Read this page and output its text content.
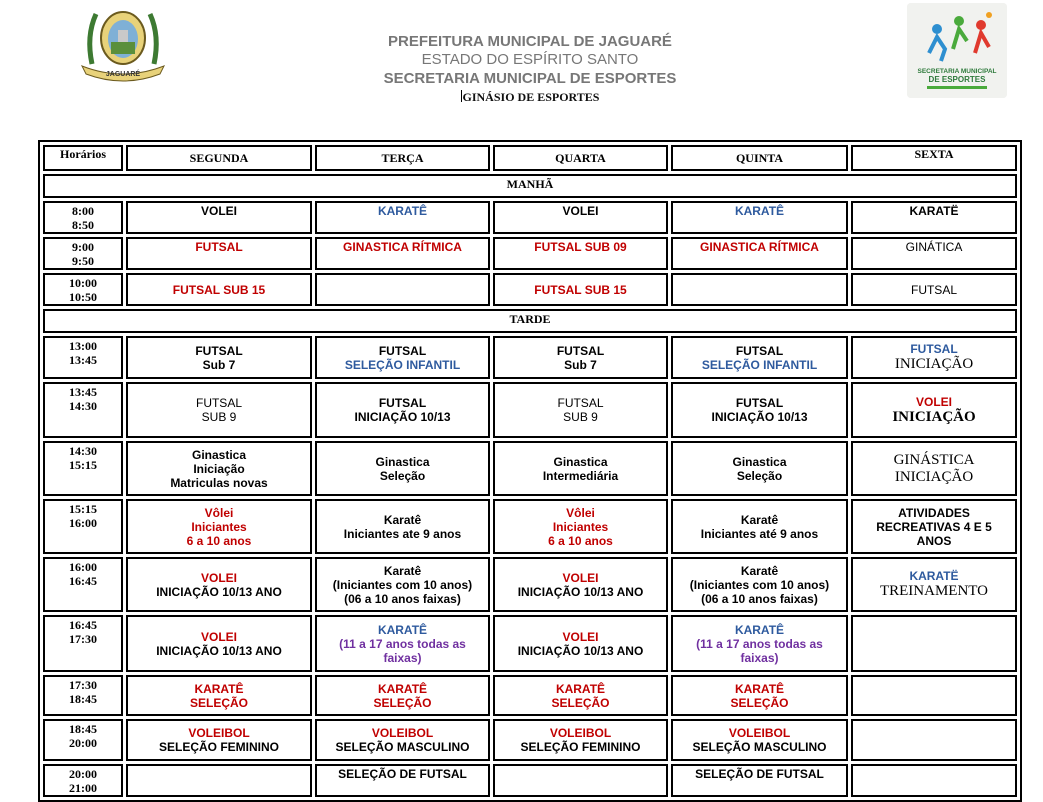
JAGUARÉ	SECRETARIA MUNICIPAL
DE ESPORTES
PREFEITURA MUNICIPAL DE JAGUARÉ
ESTADO DO ESPÍRITO SANTO
SECRETARIA MUNICIPAL DE ESPORTES
GINÁSIO DE ESPORTES
Horários	SEGUNDA	TERÇA	QUARTA	QUINTA	SEXTA
MANHÃ					

8:00
8:50	VOLEI	KARATÊ	VOLEI	KARATÊ	KARATË

9:00
9:50	FUTSAL	GINASTICA RÍTMICA	FUTSAL SUB 09	GINASTICA RÍTMICA	GINÁTICA

10:00
10:50	FUTSAL SUB 15		FUTSAL SUB 15		FUTSAL

TARDE					

13:00
13:45	FUTSAL
Sub 7	FUTSAL
SELEÇÃO INFANTIL	FUTSAL
Sub 7	FUTSAL
SELEÇÃO INFANTIL	FUTSAL
INICIAÇÃO

13:45
14:30	FUTSAL
SUB 9	FUTSAL
INICIAÇÃO 10/13	FUTSAL
SUB 9	FUTSAL
INICIAÇÃO 10/13	VOLEI
INICIAÇÃO

14:30
15:15	Ginastica
Iniciação
Matriculas novas	Ginastica
Seleção	Ginastica
Intermediária	Ginastica
Seleção	GINÁSTICA
INICIAÇÃO

15:15
16:00	Vôlei
Iniciantes
6 a 10 anos	Karatê
Iniciantes ate 9 anos	Vôlei
Iniciantes
6 a 10 anos	Karatê
Iniciantes até 9 anos	ATIVIDADES
RECREATIVAS 4 E 5
ANOS

16:00
16:45	VOLEI
INICIAÇÃO 10/13 ANO	Karatê
(Iniciantes com 10 anos)
(06 a 10 anos faixas)	VOLEI
INICIAÇÃO 10/13 ANO	Karatê
(Iniciantes com 10 anos)
(06 a 10 anos faixas)	KARATË
TREINAMENTO

16:45
17:30	VOLEI
INICIAÇÃO 10/13 ANO	KARATÊ
(11 a 17 anos todas as
faixas)	VOLEI
INICIAÇÃO 10/13 ANO	KARATÊ
(11 a 17 anos todas as
faixas)	

17:30
18:45	KARATÊ
SELEÇÃO	KARATÊ
SELEÇÃO	KARATÊ
SELEÇÃO	KARATÊ
SELEÇÃO	

18:45
20:00	VOLEIBOL
SELEÇÃO FEMININO	VOLEIBOL
SELEÇÃO MASCULINO	VOLEIBOL
SELEÇÃO FEMININO	VOLEIBOL
SELEÇÃO MASCULINO	

20:00
21:00		SELEÇÃO DE FUTSAL		SELEÇÃO DE FUTSAL	
